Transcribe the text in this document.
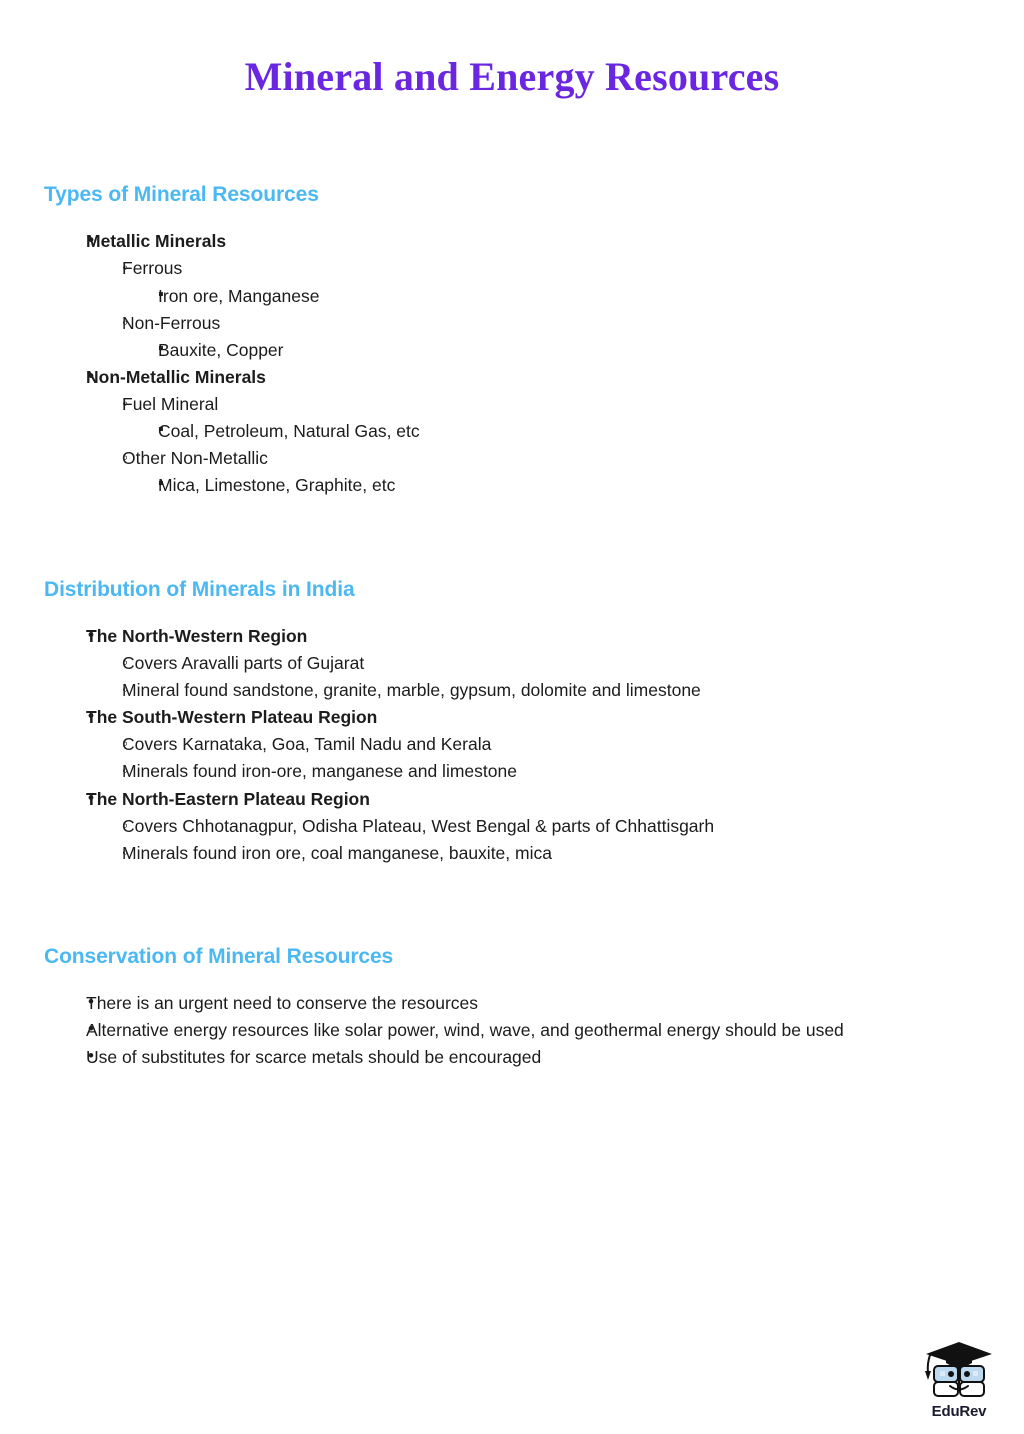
Mineral and Energy Resources
Types of Mineral Resources
• Metallic Minerals
◦ Ferrous
▪ Iron ore, Manganese
◦ Non-Ferrous
▪ Bauxite, Copper
• Non-Metallic Minerals
◦ Fuel Mineral
▪ Coal, Petroleum, Natural Gas, etc
◦ Other Non-Metallic
▪ Mica, Limestone, Graphite, etc
Distribution of Minerals in India
• The North-Western Region
◦ Covers Aravalli parts of Gujarat
◦ Mineral found sandstone, granite, marble, gypsum, dolomite and limestone
• The South-Western Plateau Region
◦ Covers Karnataka, Goa, Tamil Nadu and Kerala
◦ Minerals found iron-ore, manganese and limestone
• The North-Eastern Plateau Region
◦ Covers Chhotanagpur, Odisha Plateau, West Bengal & parts of Chhattisgarh
◦ Minerals found iron ore, coal manganese, bauxite, mica
Conservation of Mineral Resources
• There is an urgent need to conserve the resources
• Alternative energy resources like solar power, wind, wave, and geothermal energy should be used
• Use of substitutes for scarce metals should be encouraged
EduRev
